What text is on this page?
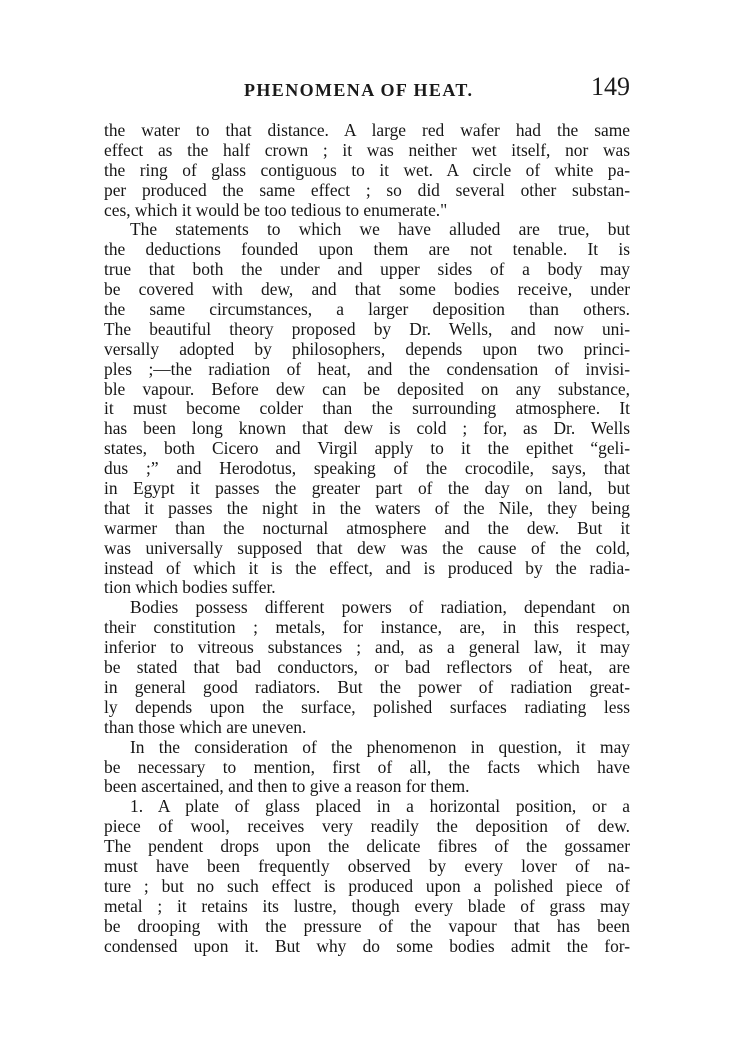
PHENOMENA OF HEAT.	149
the water to that distance. A large red wafer had the same
effect as the half crown ; it was neither wet itself, nor was
the ring of glass contiguous to it wet. A circle of white pa-
per produced the same effect ; so did several other substan-
ces, which it would be too tedious to enumerate."
The statements to which we have alluded are true, but
the deductions founded upon them are not tenable. It is
true that both the under and upper sides of a body may
be covered with dew, and that some bodies receive, under
the same circumstances, a larger deposition than others.
The beautiful theory proposed by Dr. Wells, and now uni-
versally adopted by philosophers, depends upon two princi-
ples ;—the radiation of heat, and the condensation of invisi-
ble vapour. Before dew can be deposited on any substance,
it must become colder than the surrounding atmosphere. It
has been long known that dew is cold ; for, as Dr. Wells
states, both Cicero and Virgil apply to it the epithet “geli-
dus ;” and Herodotus, speaking of the crocodile, says, that
in Egypt it passes the greater part of the day on land, but
that it passes the night in the waters of the Nile, they being
warmer than the nocturnal atmosphere and the dew. But it
was universally supposed that dew was the cause of the cold,
instead of which it is the effect, and is produced by the radia-
tion which bodies suffer.
Bodies possess different powers of radiation, dependant on
their constitution ; metals, for instance, are, in this respect,
inferior to vitreous substances ; and, as a general law, it may
be stated that bad conductors, or bad reflectors of heat, are
in general good radiators. But the power of radiation great-
ly depends upon the surface, polished surfaces radiating less
than those which are uneven.
In the consideration of the phenomenon in question, it may
be necessary to mention, first of all, the facts which have
been ascertained, and then to give a reason for them.
1. A plate of glass placed in a horizontal position, or a
piece of wool, receives very readily the deposition of dew.
The pendent drops upon the delicate fibres of the gossamer
must have been frequently observed by every lover of na-
ture ; but no such effect is produced upon a polished piece of
metal ; it retains its lustre, though every blade of grass may
be drooping with the pressure of the vapour that has been
condensed upon it. But why do some bodies admit the for-
